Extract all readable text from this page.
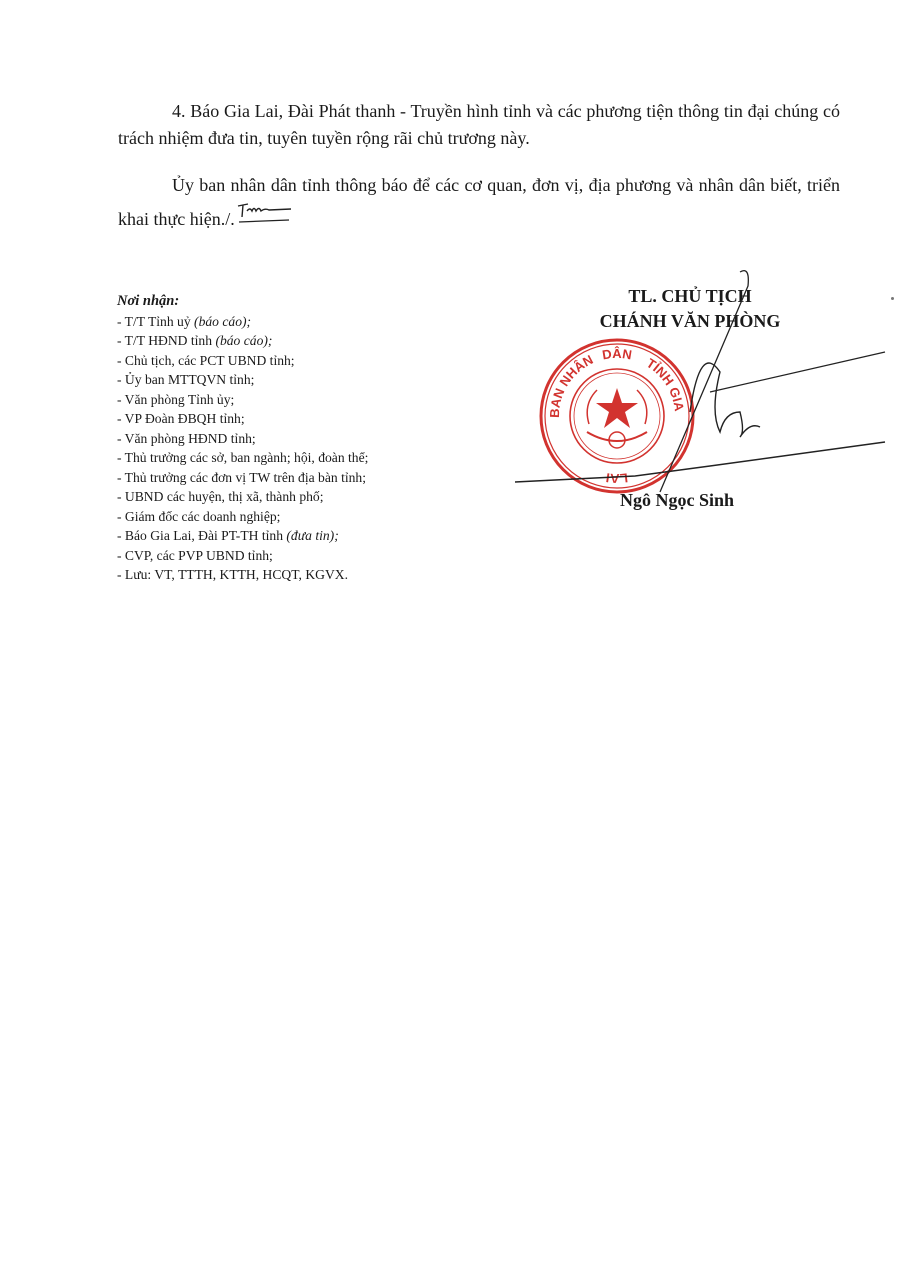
4. Báo Gia Lai, Đài Phát thanh - Truyền hình tỉnh và các phương tiện thông tin đại chúng có trách nhiệm đưa tin, tuyên tuyền rộng rãi chủ trương này.

Ủy ban nhân dân tỉnh thông báo để các cơ quan, đơn vị, địa phương và nhân dân biết, triển khai thực hiện./.

Nơi nhận:
- T/T Tỉnh uỷ (báo cáo);
- T/T HĐND tỉnh (báo cáo);
- Chủ tịch, các PCT UBND tỉnh;
- Ủy ban MTTQVN tỉnh;
- Văn phòng Tỉnh ủy;
- VP Đoàn ĐBQH tỉnh;
- Văn phòng HĐND tỉnh;
- Thủ trưởng các sở, ban ngành; hội, đoàn thể;
- Thủ trưởng các đơn vị TW trên địa bàn tỉnh;
- UBND các huyện, thị xã, thành phố;
- Giám đốc các doanh nghiệp;
- Báo Gia Lai, Đài PT-TH tỉnh (đưa tin);
- CVP, các PVP UBND tỉnh;
- Lưu: VT, TTTH, KTTH, HCQT, KGVX.
TL. CHỦ TỊCH
CHÁNH VĂN PHÒNG
BAN NHÂN DÂN
TỈNH GIA
LAI
Ngô Ngọc Sinh
